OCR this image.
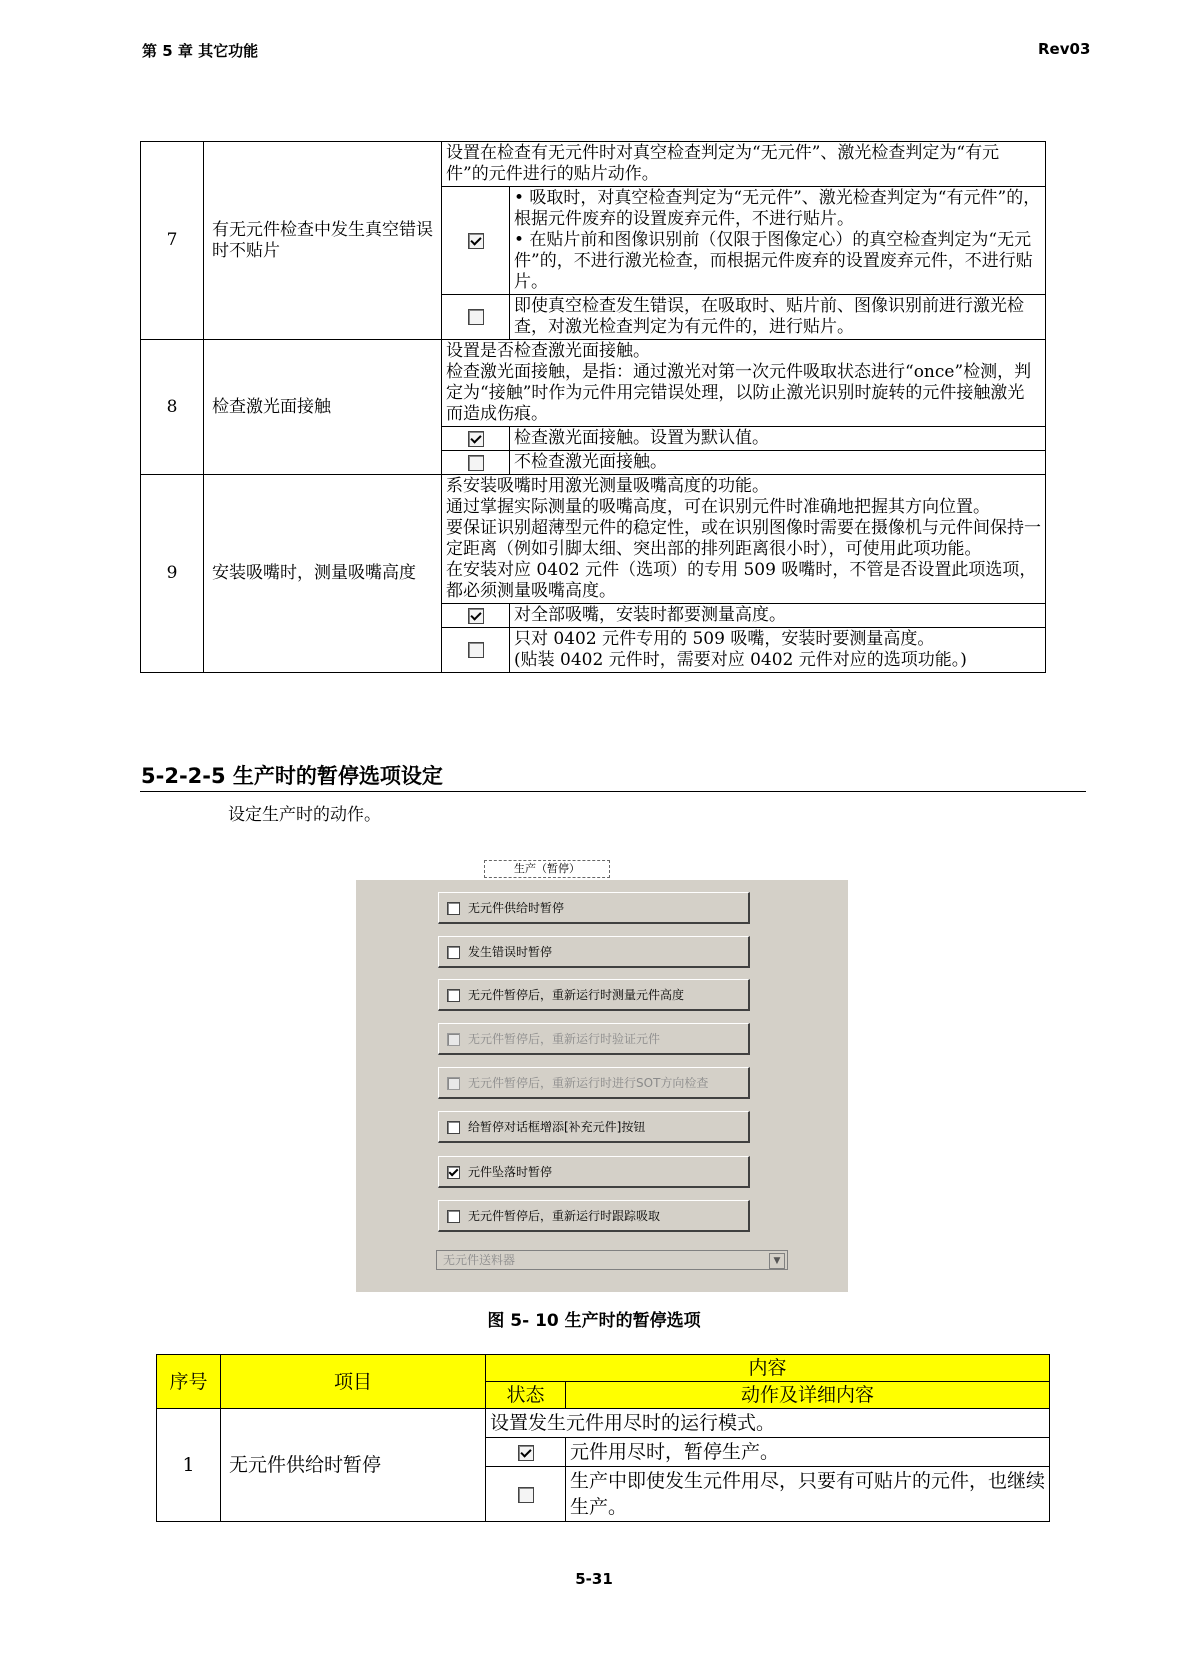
第 5 章 其它功能	Rev03
7	有无元件检查中发生真空错误时不贴片	设置在检查有无元件时对真空检查判定为“无元件”、激光检查判定为“有元件”的元件进行的贴片动作。	
			• 吸取时，对真空检查判定为“无元件”、激光检查判定为“有元件”的，根据元件废弃的设置废弃元件，不进行贴片。
• 在贴片前和图像识别前（仅限于图像定心）的真空检查判定为“无元件”的，不进行激光检查，而根据元件废弃的设置废弃元件，不进行贴片。
			即使真空检查发生错误，在吸取时、贴片前、图像识别前进行激光检查，对激光检查判定为有元件的，进行贴片。
8	检查激光面接触	设置是否检查激光面接触。
检查激光面接触，是指：通过激光对第一次元件吸取状态进行“once”检测，判定为“接触”时作为元件用完错误处理，以防止激光识别时旋转的元件接触激光而造成伤痕。	
			检查激光面接触。设置为默认值。
			不检查激光面接触。
9	安装吸嘴时，测量吸嘴高度	系安装吸嘴时用激光测量吸嘴高度的功能。
通过掌握实际测量的吸嘴高度，可在识别元件时准确地把握其方向位置。
要保证识别超薄型元件的稳定性，或在识别图像时需要在摄像机与元件间保持一定距离（例如引脚太细、突出部的排列距离很小时），可使用此项功能。
在安装对应 0402 元件（选项）的专用 509 吸嘴时，不管是否设置此项选项，都必须测量吸嘴高度。	
			对全部吸嘴，安装时都要测量高度。
			只对 0402 元件专用的 509 吸嘴，安装时要测量高度。
(贴装 0402 元件时，需要对应 0402 元件对应的选项功能。)
5-2-2-5 生产时的暂停选项设定
设定生产时的动作。
生产（暂停）
无元件供给时暂停
发生错误时暂停
无元件暂停后，重新运行时测量元件高度
无元件暂停后，重新运行时验证元件
无元件暂停后，重新运行时进行SOT方向检查
给暂停对话框增添[补充元件]按钮
元件坠落时暂停
无元件暂停后，重新运行时跟踪吸取
无元件送料器	▼
图 5- 10 生产时的暂停选项
序号	项目	内容	
		状态	动作及详细内容
1	无元件供给时暂停	设置发生元件用尽时的运行模式。	
			元件用尽时，暂停生产。
			生产中即使发生元件用尽，只要有可贴片的元件，也继续生产。
5-31
